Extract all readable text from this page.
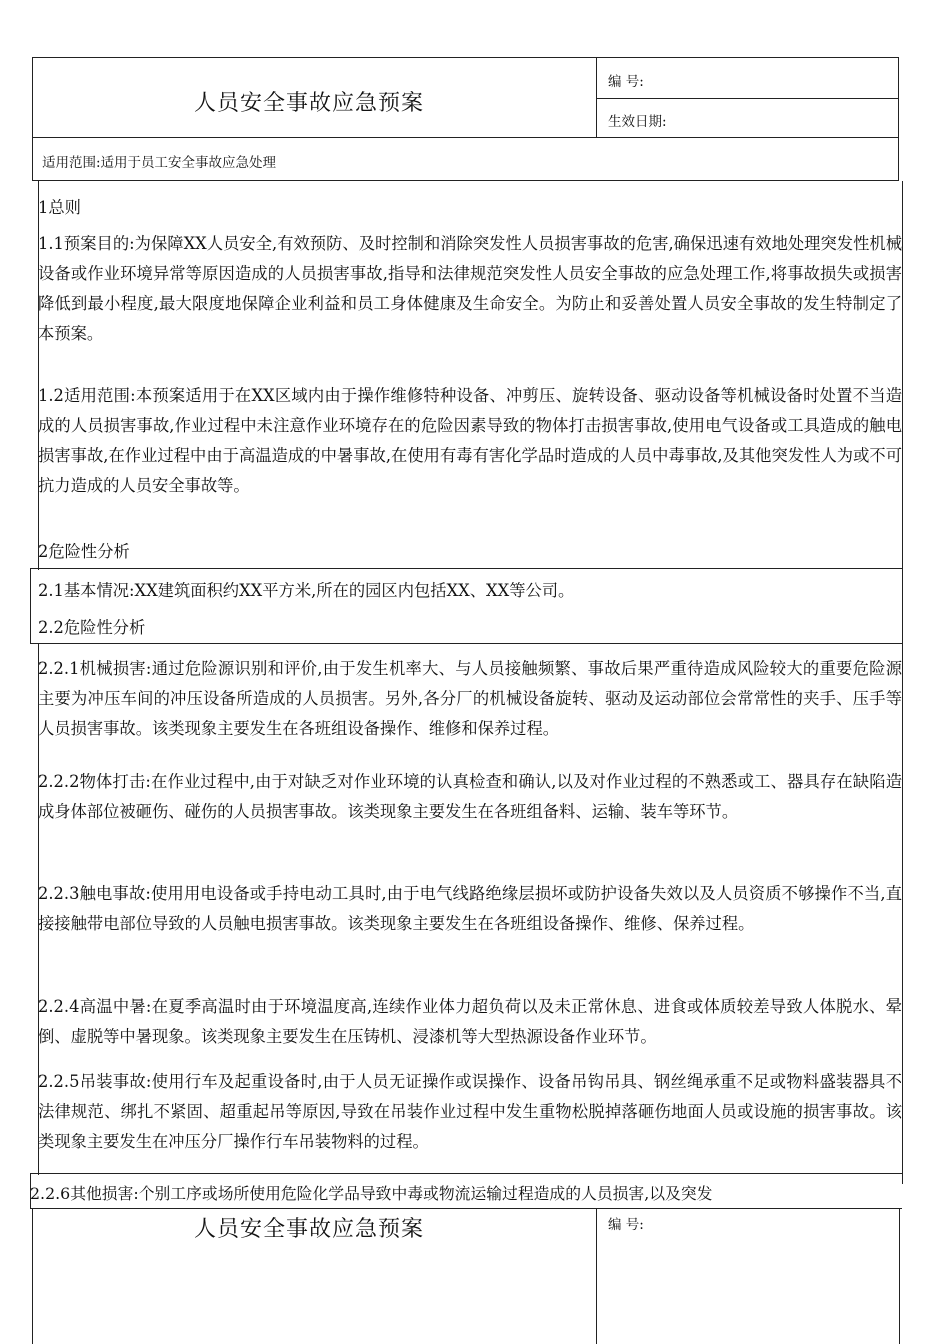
人员安全事故应急预案
编 号:
生效日期:
适用范围:适用于员工安全事故应急处理
1总则
1.1预案目的:为保障XX人员安全,有效预防、及时控制和消除突发性人员损害事故的危害,确保迅速有效地处理突发性机械设备或作业环境异常等原因造成的人员损害事故,指导和法律规范突发性人员安全事故的应急处理工作,将事故损失或损害降低到最小程度,最大限度地保障企业利益和员工身体健康及生命安全。为防止和妥善处置人员安全事故的发生特制定了本预案。
1.2适用范围:本预案适用于在XX区域内由于操作维修特种设备、冲剪压、旋转设备、驱动设备等机械设备时处置不当造成的人员损害事故,作业过程中未注意作业环境存在的危险因素导致的物体打击损害事故,使用电气设备或工具造成的触电损害事故,在作业过程中由于高温造成的中暑事故,在使用有毒有害化学品时造成的人员中毒事故,及其他突发性人为或不可抗力造成的人员安全事故等。
2危险性分析
2.1基本情况:XX建筑面积约XX平方米,所在的园区内包括XX、XX等公司。
2.2危险性分析
2.2.1机械损害:通过危险源识别和评价,由于发生机率大、与人员接触频繁、事故后果严重待造成风险较大的重要危险源主要为冲压车间的冲压设备所造成的人员损害。另外,各分厂的机械设备旋转、驱动及运动部位会常常性的夹手、压手等人员损害事故。该类现象主要发生在各班组设备操作、维修和保养过程。
2.2.2物体打击:在作业过程中,由于对缺乏对作业环境的认真检查和确认,以及对作业过程的不熟悉或工、器具存在缺陷造成身体部位被砸伤、碰伤的人员损害事故。该类现象主要发生在各班组备料、运输、装车等环节。
2.2.3触电事故:使用用电设备或手持电动工具时,由于电气线路绝缘层损坏或防护设备失效以及人员资质不够操作不当,直接接触带电部位导致的人员触电损害事故。该类现象主要发生在各班组设备操作、维修、保养过程。
2.2.4高温中暑:在夏季高温时由于环境温度高,连续作业体力超负荷以及未正常休息、进食或体质较差导致人体脱水、晕倒、虚脱等中暑现象。该类现象主要发生在压铸机、浸漆机等大型热源设备作业环节。
2.2.5吊装事故:使用行车及起重设备时,由于人员无证操作或误操作、设备吊钩吊具、钢丝绳承重不足或物料盛装器具不法律规范、绑扎不紧固、超重起吊等原因,导致在吊装作业过程中发生重物松脱掉落砸伤地面人员或设施的损害事故。该类现象主要发生在冲压分厂操作行车吊装物料的过程。
2.2.6其他损害:个别工序或场所使用危险化学品导致中毒或物流运输过程造成的人员损害,以及突发
人员安全事故应急预案	编 号:
